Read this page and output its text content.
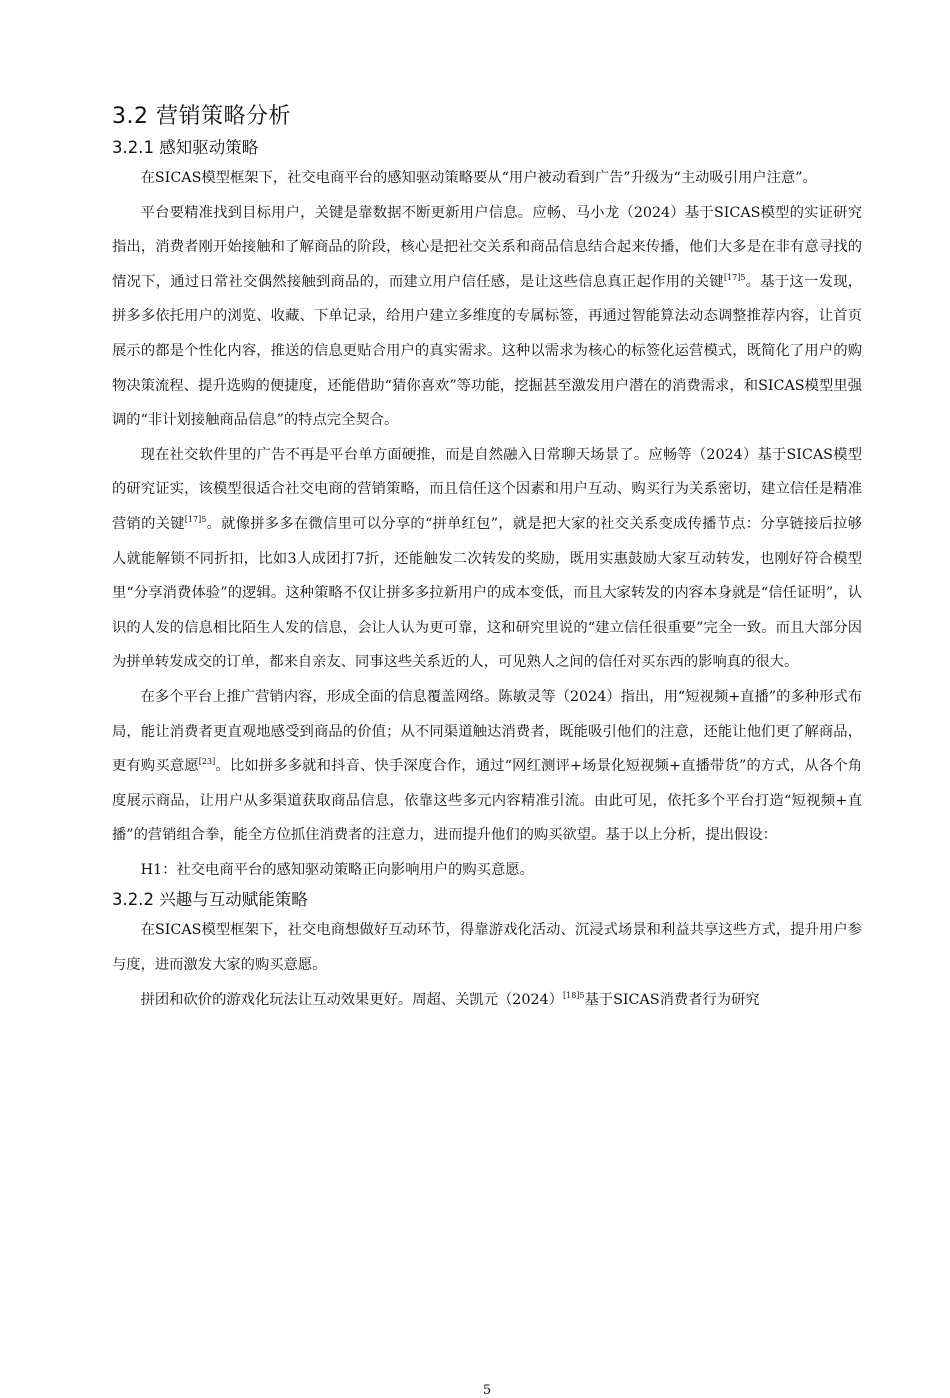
3.2 营销策略分析
3.2.1 感知驱动策略

在SICAS模型框架下，社交电商平台的感知驱动策略要从“用户被动看到广告”升级为“主动吸引用户注意”。

平台要精准找到目标用户，关键是靠数据不断更新用户信息。应畅、马小龙（2024）基于SICAS模型的实证研究指出，消费者刚开始接触和了解商品的阶段，核心是把社交关系和商品信息结合起来传播，他们大多是在非有意寻找的情况下，通过日常社交偶然接触到商品的，而建立用户信任感，是让这些信息真正起作用的关键$^{[17]5}$。基于这一发现，拼多多依托用户的浏览、收藏、下单记录，给用户建立多维度的专属标签，再通过智能算法动态调整推荐内容，让首页展示的都是个性化内容，推送的信息更贴合用户的真实需求。这种以需求为核心的标签化运营模式，既简化了用户的购物决策流程、提升选购的便捷度，还能借助“猜你喜欢”等功能，挖掘甚至激发用户潜在的消费需求，和SICAS模型里强调的“非计划接触商品信息”的特点完全契合。

现在社交软件里的广告不再是平台单方面硬推，而是自然融入日常聊天场景了。应畅等（2024）基于SICAS模型的研究证实，该模型很适合社交电商的营销策略，而且信任这个因素和用户互动、购买行为关系密切，建立信任是精准营销的关键$^{[17]5}$。就像拼多多在微信里可以分享的“拼单红包”，就是把大家的社交关系变成传播节点：分享链接后拉够人就能解锁不同折扣，比如3人成团打7折，还能触发二次转发的奖励，既用实惠鼓励大家互动转发，也刚好符合模型里“分享消费体验”的逻辑。这种策略不仅让拼多多拉新用户的成本变低，而且大家转发的内容本身就是“信任证明”，认识的人发的信息相比陌生人发的信息，会让人认为更可靠，这和研究里说的“建立信任很重要”完全一致。而且大部分因为拼单转发成交的订单，都来自亲友、同事这些关系近的人，可见熟人之间的信任对买东西的影响真的很大。

在多个平台上推广营销内容，形成全面的信息覆盖网络。陈敏灵等（2024）指出，用“短视频+直播”的多种形式布局，能让消费者更直观地感受到商品的价值；从不同渠道触达消费者，既能吸引他们的注意，还能让他们更了解商品，更有购买意愿[23]。比如拼多多就和抖音、快手深度合作，通过“网红测评+场景化短视频+直播带货”的方式，从各个角度展示商品，让用户从多渠道获取商品信息，依靠这些多元内容精准引流。由此可见，依托多个平台打造“短视频+直播”的营销组合拳，能全方位抓住消费者的注意力，进而提升他们的购买欲望。基于以上分析，提出假设：

H1：社交电商平台的感知驱动策略正向影响用户的购买意愿。

3.2.2 兴趣与互动赋能策略

在SICAS模型框架下，社交电商想做好互动环节，得靠游戏化活动、沉浸式场景和利益共享这些方式，提升用户参与度，进而激发大家的购买意愿。

拼团和砍价的游戏化玩法让互动效果更好。周超、关凯元$(2024)^{[18]5}$基于SICAS消费者行为研究

5
